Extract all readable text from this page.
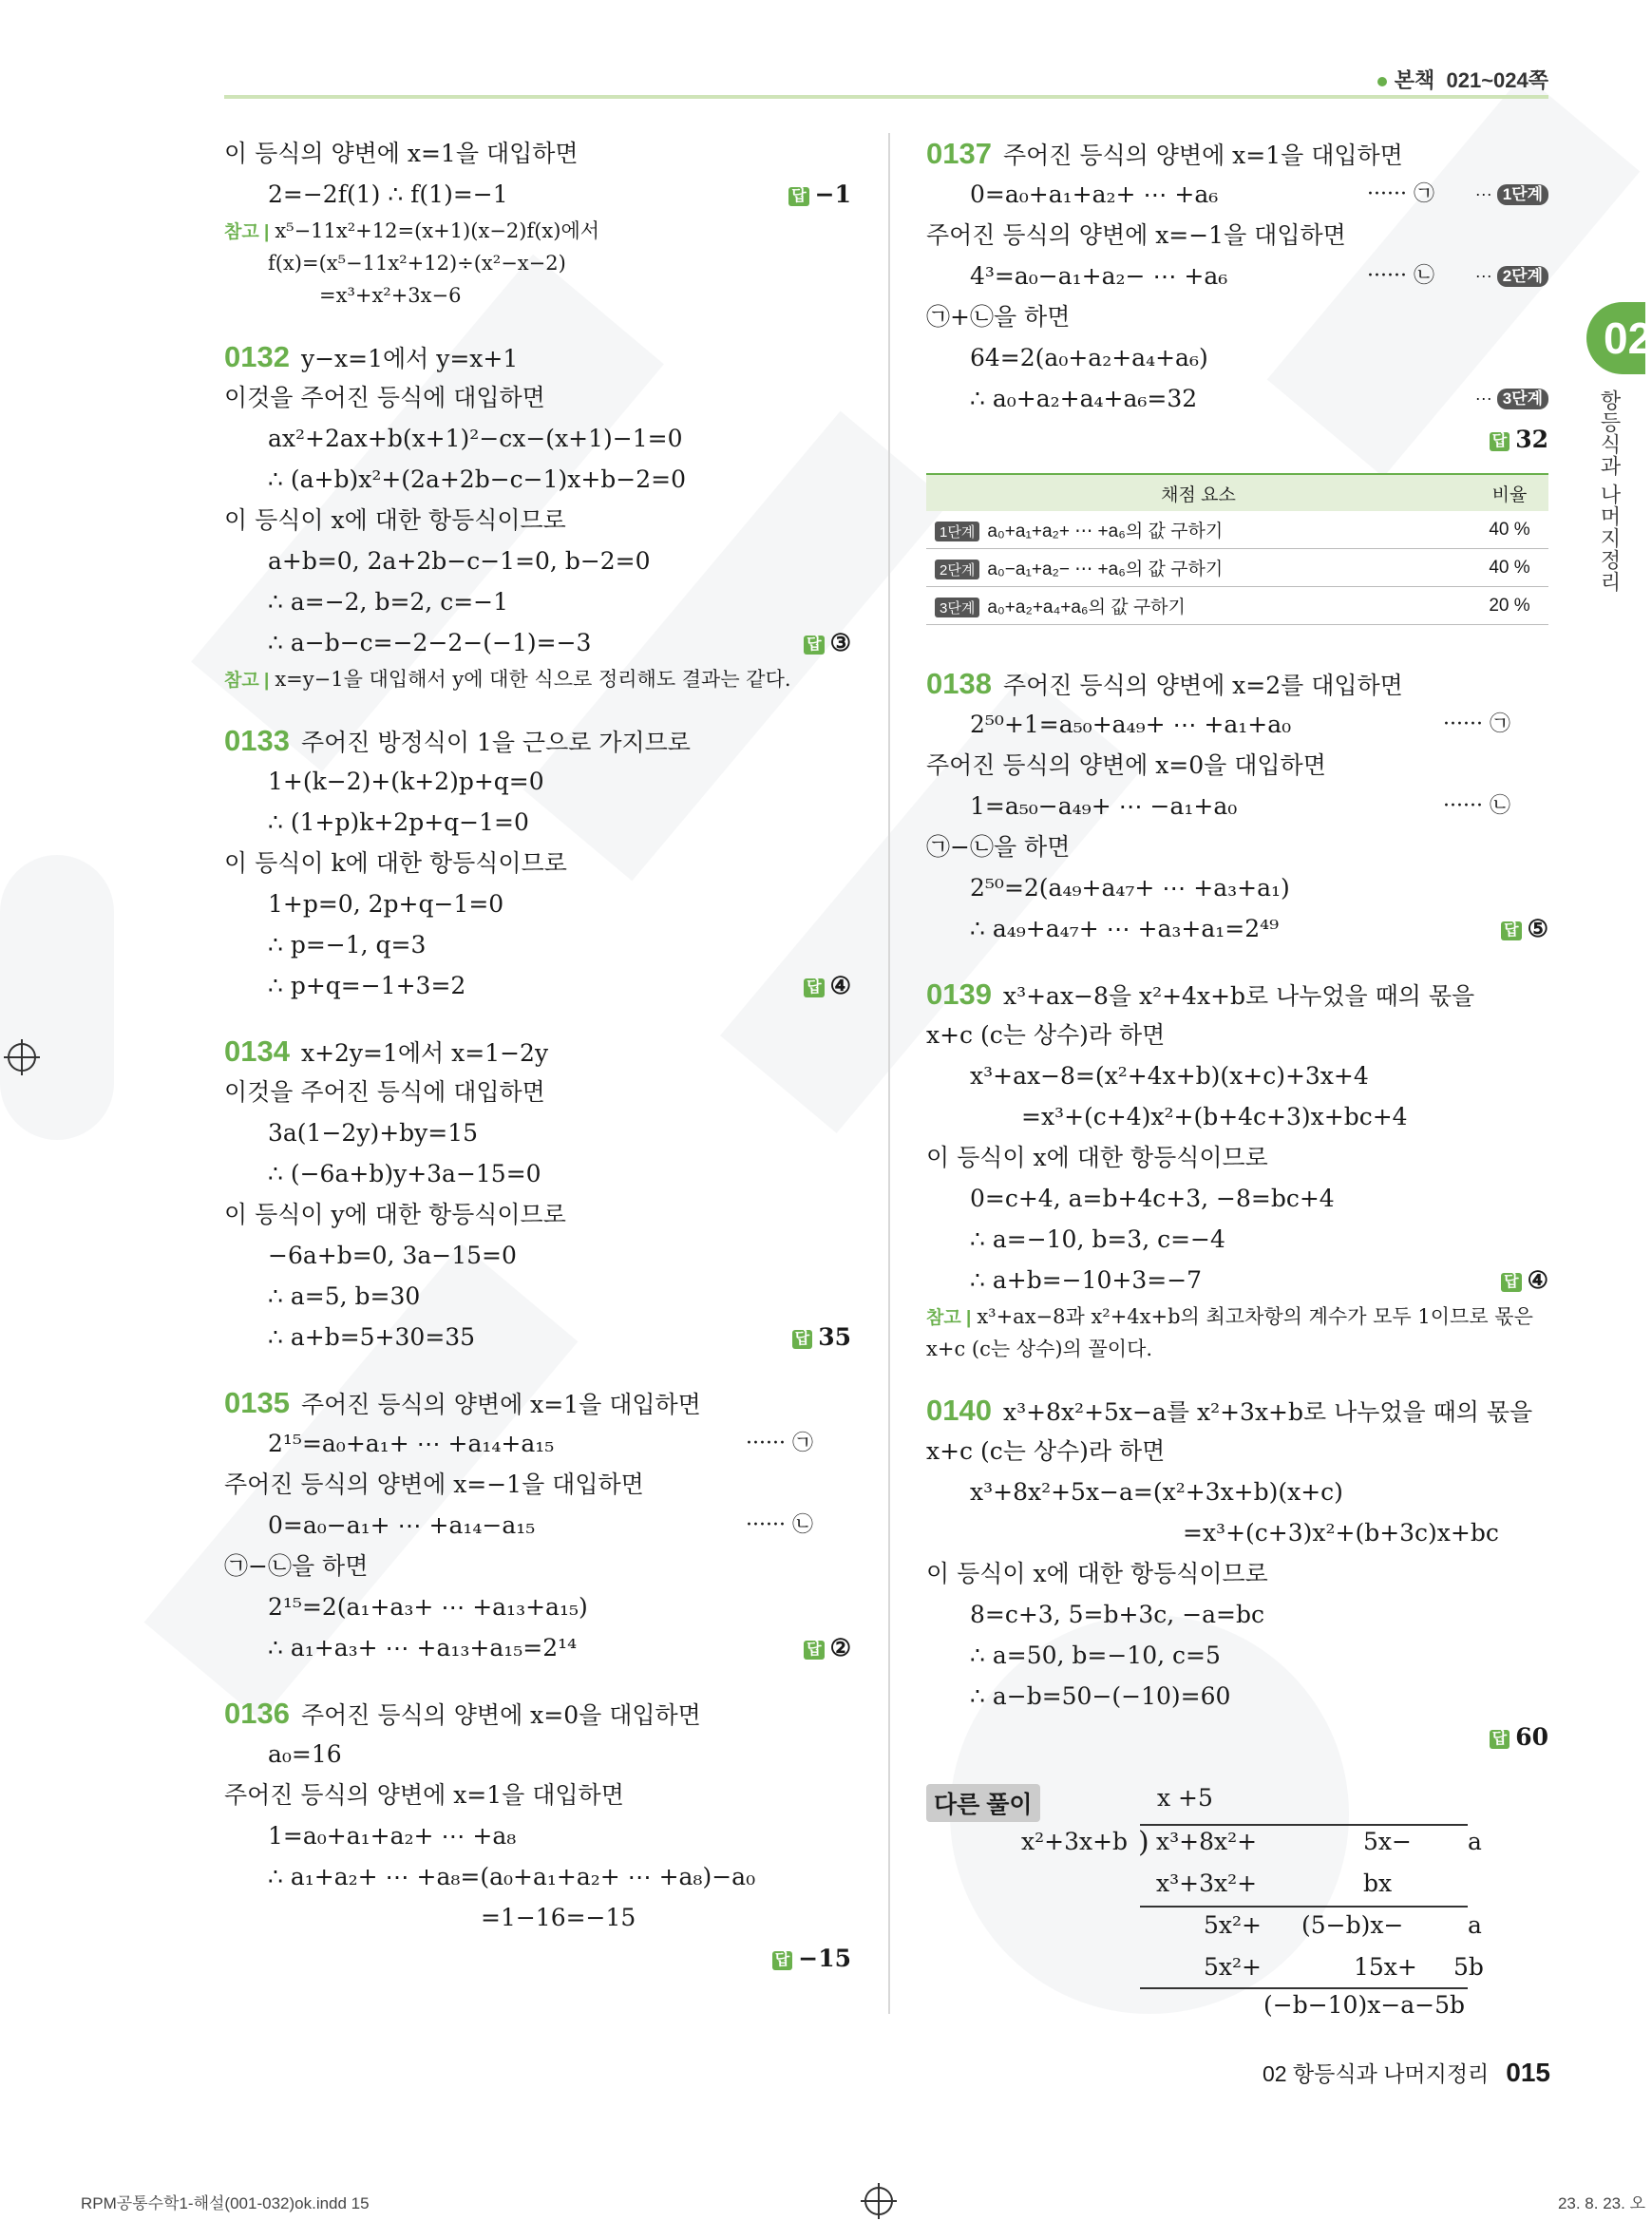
본책 021~024쪽
02
항등식과 나머지정리
이 등식의 양변에 x=1을 대입하면
2=−2f(1) ∴ f(1)=−1	답 −1
참고 | x⁵−11x²+12=(x+1)(x−2)f(x)에서
f(x)=(x⁵−11x²+12)÷(x²−x−2)
=x³+x²+3x−6
0132 y−x=1에서 y=x+1
이것을 주어진 등식에 대입하면
ax²+2ax+b(x+1)²−cx−(x+1)−1=0
∴ (a+b)x²+(2a+2b−c−1)x+b−2=0
이 등식이 x에 대한 항등식이므로
a+b=0, 2a+2b−c−1=0, b−2=0
∴ a=−2, b=2, c=−1
∴ a−b−c=−2−2−(−1)=−3	답 ③
참고 | x=y−1을 대입해서 y에 대한 식으로 정리해도 결과는 같다.
0133 주어진 방정식이 1을 근으로 가지므로
1+(k−2)+(k+2)p+q=0
∴ (1+p)k+2p+q−1=0
이 등식이 k에 대한 항등식이므로
1+p=0, 2p+q−1=0
∴ p=−1, q=3
∴ p+q=−1+3=2	답 ④
0134 x+2y=1에서 x=1−2y
이것을 주어진 등식에 대입하면
3a(1−2y)+by=15
∴ (−6a+b)y+3a−15=0
이 등식이 y에 대한 항등식이므로
−6a+b=0, 3a−15=0
∴ a=5, b=30
∴ a+b=5+30=35	답 35
0135 주어진 등식의 양변에 x=1을 대입하면
2¹⁵=a₀+a₁+ ⋯ +a₁₄+a₁₅	······ ㉠
주어진 등식의 양변에 x=−1을 대입하면
0=a₀−a₁+ ⋯ +a₁₄−a₁₅	······ ㉡
㉠−㉡을 하면
2¹⁵=2(a₁+a₃+ ⋯ +a₁₃+a₁₅)
∴ a₁+a₃+ ⋯ +a₁₃+a₁₅=2¹⁴	답 ②
0136 주어진 등식의 양변에 x=0을 대입하면
a₀=16
주어진 등식의 양변에 x=1을 대입하면
1=a₀+a₁+a₂+ ⋯ +a₈
∴ a₁+a₂+ ⋯ +a₈=(a₀+a₁+a₂+ ⋯ +a₈)−a₀
=1−16=−15
답 −15
0137 주어진 등식의 양변에 x=1을 대입하면
0=a₀+a₁+a₂+ ⋯ +a₆	······ ㉠ ··· 1단계
주어진 등식의 양변에 x=−1을 대입하면
4³=a₀−a₁+a₂− ⋯ +a₆	······ ㉡ ··· 2단계
㉠+㉡을 하면
64=2(a₀+a₂+a₄+a₆)
∴ a₀+a₂+a₄+a₆=32	··· 3단계
답 32
채점 요소	비율
1단계 a₀+a₁+a₂+ ⋯ +a₆의 값 구하기	40 %
2단계 a₀−a₁+a₂− ⋯ +a₆의 값 구하기	40 %
3단계 a₀+a₂+a₄+a₆의 값 구하기	20 %
0138 주어진 등식의 양변에 x=2를 대입하면
2⁵⁰+1=a₅₀+a₄₉+ ⋯ +a₁+a₀	······ ㉠
주어진 등식의 양변에 x=0을 대입하면
1=a₅₀−a₄₉+ ⋯ −a₁+a₀	······ ㉡
㉠−㉡을 하면
2⁵⁰=2(a₄₉+a₄₇+ ⋯ +a₃+a₁)
∴ a₄₉+a₄₇+ ⋯ +a₃+a₁=2⁴⁹	답 ⑤
0139 x³+ax−8을 x²+4x+b로 나누었을 때의 몫을
x+c (c는 상수)라 하면
x³+ax−8=(x²+4x+b)(x+c)+3x+4
=x³+(c+4)x²+(b+4c+3)x+bc+4
이 등식이 x에 대한 항등식이므로
0=c+4, a=b+4c+3, −8=bc+4
∴ a=−10, b=3, c=−4
∴ a+b=−10+3=−7	답 ④
참고 | x³+ax−8과 x²+4x+b의 최고차항의 계수가 모두 1이므로 몫은
x+c (c는 상수)의 꼴이다.
0140 x³+8x²+5x−a를 x²+3x+b로 나누었을 때의 몫을
x+c (c는 상수)라 하면
x³+8x²+5x−a=(x²+3x+b)(x+c)
=x³+(c+3)x²+(b+3c)x+bc
이 등식이 x에 대한 항등식이므로
8=c+3, 5=b+3c, −a=bc
∴ a=50, b=−10, c=5
∴ a−b=50−(−10)=60
답 60
다른 풀이	x +5
x²+3x+b ) x³+8x²+	5x− a
x³+3x²+	bx
5x²+ (5−b)x−	a
5x²+	15x+ 5b
(−b−10)x−a−5b
02 항등식과 나머지정리 015
RPM공통수학1-해설(001-032)ok.indd 15	23. 8. 23. 오
